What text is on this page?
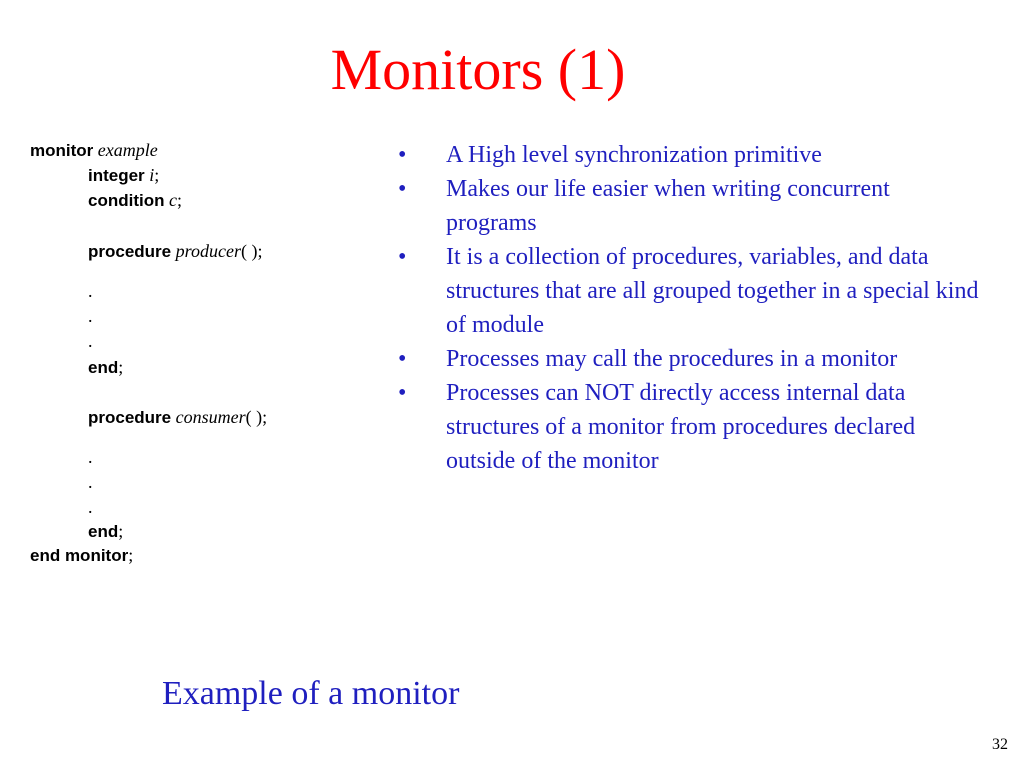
Monitors (1)
monitor example
integer i;
condition c;
procedure producer( );
.
.
.
end;
procedure consumer( );
.
.
.
end;
end monitor;
•	A High level synchronization primitive
•	Makes our life easier when writing concurrent programs
•	It is a collection of procedures, variables, and data structures that are all grouped together in a special kind of module
•	Processes may call the procedures in a monitor
•	Processes can NOT directly access internal data structures of a monitor from procedures declared outside of the monitor
Example of a monitor
32
